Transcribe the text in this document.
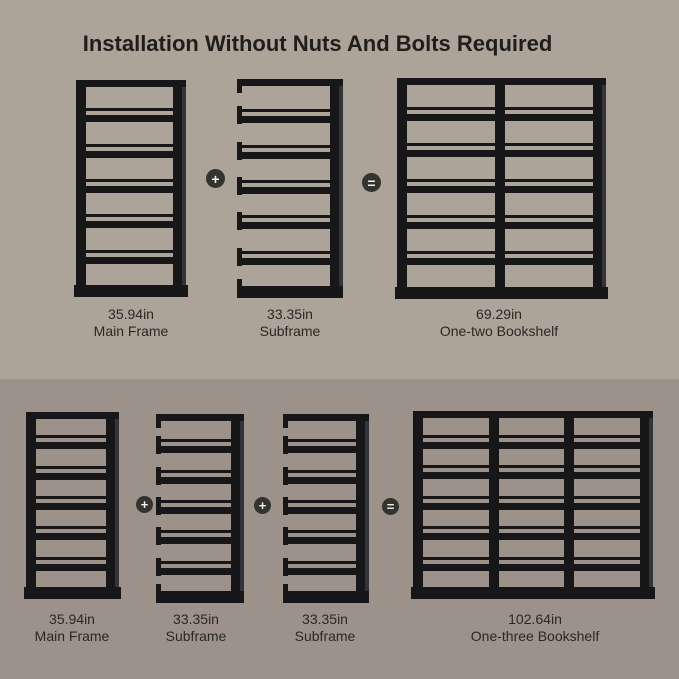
Installation Without Nuts And Bolts Required
+	=
35.94in
Main Frame
33.35in
Subframe
69.29in
One-two Bookshelf
+	+	=
35.94in
Main Frame
33.35in
Subframe
33.35in
Subframe
102.64in
One-three Bookshelf
